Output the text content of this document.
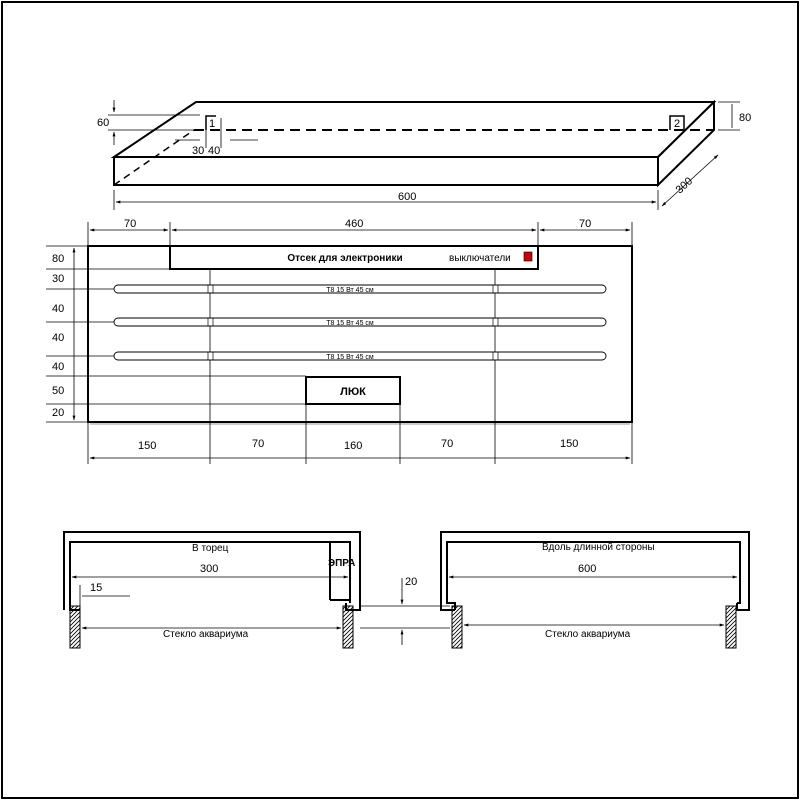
60
30 40
1	2	80
600
300
Отсек для электроники	выключатели
T8 15 Вт 45 см
T8 15 Вт 45 см
T8 15 Вт 45 см
ЛЮК
70	460	70
80
30
40
40
40
50
20
150	70	160	70	150
В торец
300
15
ЭПРА
Стекло аквариума
20
Вдоль длинной стороны
600
Стекло аквариума
